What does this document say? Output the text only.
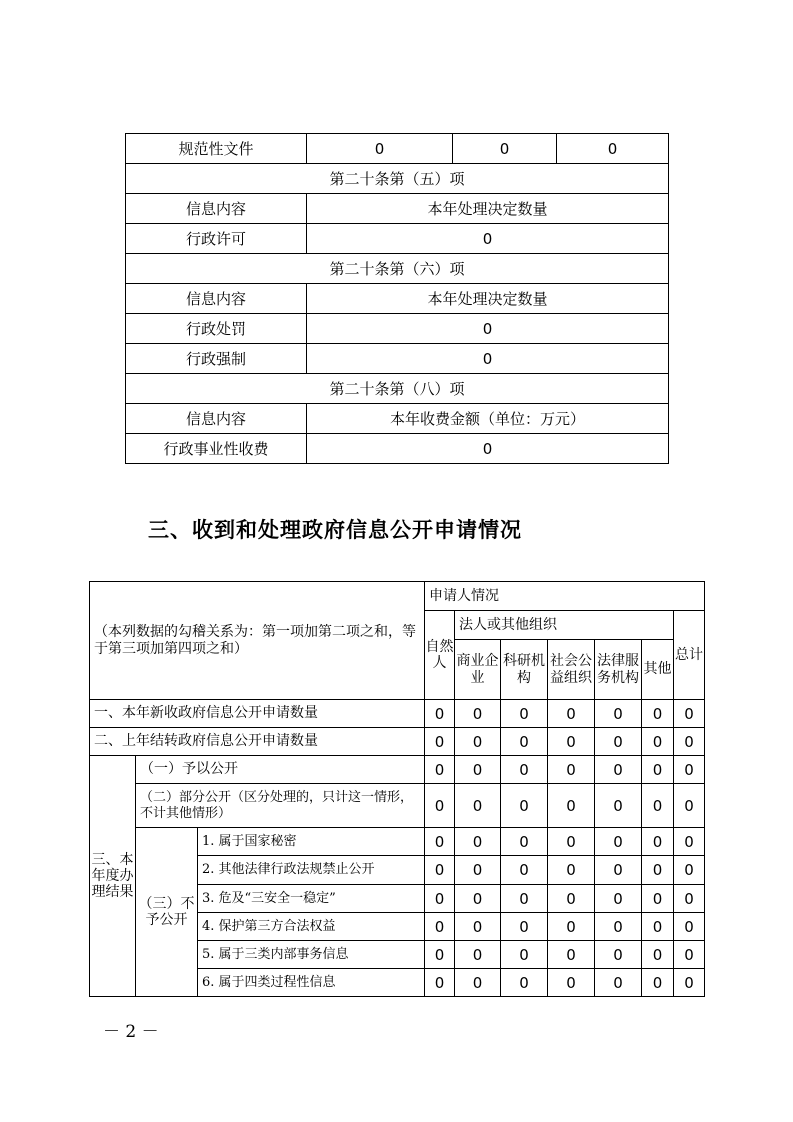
规范性文件	0	0	0
第二十条第（五）项			
信息内容	本年处理决定数量		
行政许可	0		
第二十条第（六）项			
信息内容	本年处理决定数量		
行政处罚	0		
行政强制	0		
第二十条第（八）项			
信息内容	本年收费金额（单位：万元）		
行政事业性收费	0		
三、收到和处理政府信息公开申请情况
（本列数据的勾稽关系为：第一项加第二项之和，等于第三项加第四项之和）			申请人情况						
			自然人	法人或其他组织					总计
				商业企业	科研机构	社会公益组织	法律服务机构	其他	
一、本年新收政府信息公开申请数量			0	0	0	0	0	0	0
二、上年结转政府信息公开申请数量			0	0	0	0	0	0	0
三、本年度办理结果	（一）予以公开		0	0	0	0	0	0	0
	（二）部分公开（区分处理的，只计这一情形，不计其他情形）		0	0	0	0	0	0	0
	（三）不予公开	1. 属于国家秘密	0	0	0	0	0	0	0
		2. 其他法律行政法规禁止公开	0	0	0	0	0	0	0
		3. 危及“三安全一稳定”	0	0	0	0	0	0	0
		4. 保护第三方合法权益	0	0	0	0	0	0	0
		5. 属于三类内部事务信息	0	0	0	0	0	0	0
		6. 属于四类过程性信息	0	0	0	0	0	0	0
－ 2 －
